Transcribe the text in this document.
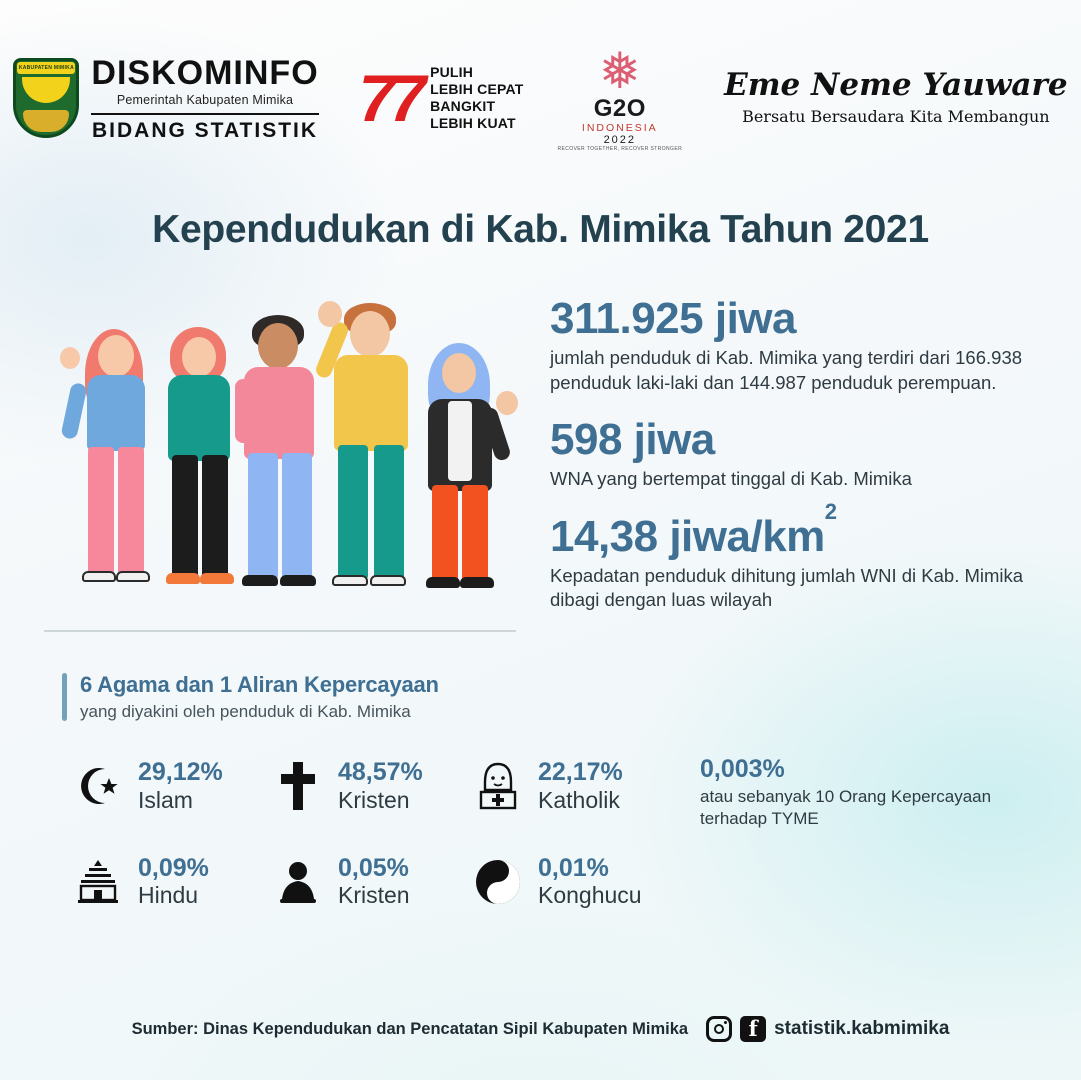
KABUPATEN MIMIKA DISKOMINFO
Pemerintah Kabupaten Mimika
BIDANG STATISTIK 77 PULIH
LEBIH CEPAT
BANGKIT
LEBIH KUAT
❅
G2O
INDONESIA
2022
RECOVER TOGETHER, RECOVER STRONGER
Eme Neme Yauware
Bersatu Bersaudara Kita Membangun
Kependudukan di Kab. Mimika Tahun 2021
311.925 jiwa
jumlah penduduk di Kab. Mimika yang terdiri dari 166.938 penduduk laki-laki dan 144.987 penduduk perempuan.
598 jiwa
WNA yang bertempat tinggal di Kab. Mimika
14,38 jiwa/$km^2$
Kepadatan penduduk dihitung jumlah WNI di Kab. Mimika dibagi dengan luas wilayah
6 Agama dan 1 Aliran Kepercayaan
yang diyakini oleh penduduk di Kab. Mimika
29,12%
Islam
48,57%
Kristen
22,17%
Katholik
0,003%
atau sebanyak 10 Orang Kepercayaan terhadap TYME
0,09%
Hindu
0,05%
Kristen
0,01%
Konghucu
Sumber: Dinas Kependudukan dan Pencatatan Sipil Kabupaten Mimika	f statistik.kabmimika
